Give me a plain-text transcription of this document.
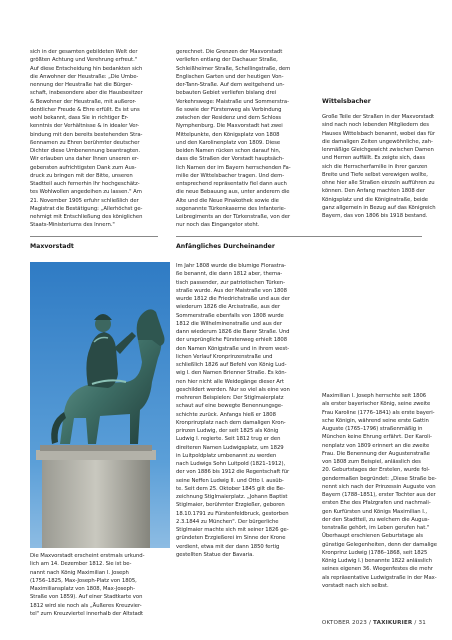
sich in der gesamten gebildeten Welt der
größten Achtung und Verehrung erfreut."
Auf diese Entscheidung hin bedankten sich
die Anwohner der Heustraße: „Die Umbe-
nennung der Heustraße hat die Bürger-
schaft, insbesondere aber die Hausbesitzer
& Bewohner der Heustraße, mit außeror-
dentlicher Freude & Ehre erfüllt. Es ist uns
wohl bekannt, dass Sie in richtiger Er-
kenntnis der Verhältnisse & in idealer Ver-
bindung mit den bereits bestehenden Stra-
ßennamen zu Ehren berühmter deutscher
Dichter diese Umbenennung beantragten.
Wir erlauben uns daher Ihnen unseren er-
gebensten aufrichtigsten Dank zum Aus-
druck zu bringen mit der Bitte, unseren
Stadtteil auch fernerhin Ihr hochgeschätz-
tes Wohlwollen angedeihen zu lassen." Am
21. November 1905 erfuhr schließlich der
Magistrat die Bestätigung: „Allerhöchst ge-
nehmigt mit Entschließung des königlichen
Staats-Ministeriums des Innern."

gerechnet. Die Grenzen der Maxvorstadt
verliefen entlang der Dachauer Straße,
Schleißheimer Straße, Schellingstraße, dem
Englischen Garten und der heutigen Von-
der-Tann-Straße. Auf dem weitgehend un-
bebauten Gebiet verliefen bislang drei
Verkehrswege: Maistraße und Sommerstra-
ße sowie der Fürstenweg als Verbindung
zwischen der Residenz und dem Schloss
Nymphenburg. Die Maxvorstadt hat zwei
Mittelpunkte, den Königsplatz von 1808
und den Karolinenplatz von 1809. Diese
beiden Namen rücken schon darauf hin,
dass die Straßen der Vorstadt hauptsäch-
lich Namen der im Bayern herrschenden Fa-
milie der Wittelsbacher tragen. Und dem-
entsprechend repräsentativ fiel dann auch
die neue Bebauung aus, unter anderem die
Alte und die Neue Pinakothek sowie die
sogenannte Türkenkaserne des Infanterie-
Leibregiments an der Türkenstraße, von der
nur noch das Eingangstor steht.

Wittelsbacher

Große Teile der Straßen in der Maxvorstadt
sind nach noch lebenden Mitgliedern des
Hauses Wittelsbach benannt, wobei das für
die damaligen Zeiten ungewöhnliche, zah-
lenmäßige Gleichgewicht zwischen Damen
und Herren auffällt. Es zeigte sich, dass
sich die Herrscherfamilie in ihrer ganzen
Breite und Tiefe selbst verewigen wollte,
ohne hier alle Straßen einzeln aufführen zu
können. Den Anfang machten 1808 der
Königsplatz und die Königinstraße, beide
ganz allgemein in Bezug auf das Königreich
Bayern, das von 1806 bis 1918 bestand.

Maxvorstadt	Anfängliches Durcheinander

Die Maxvorstadt erscheint erstmals urkund-
lich am 14. Dezember 1812. Sie ist be-
nannt nach König Maximilian I. Joseph
(1756–1825, Max-Joseph-Platz von 1805,
Maximiliansplatz von 1808, Max-Joseph-
Straße von 1859). Auf einer Stadtkarte von
1812 wird sie noch als „Äußeres Kreuzvier-
tel" zum Kreuzviertel innerhalb der Altstadt

Im Jahr 1808 wurde die blumige Florastra-
ße benannt, die dann 1812 aber, thema-
tisch passender, zur patriotischen Türken-
straße wurde. Aus der Maistraße von 1808
wurde 1812 die Friedrichstraße und aus der
wiederum 1826 die Arcisstraße, aus der
Sommerstraße ebenfalls von 1808 wurde
1812 die Wilhelminenstraße und aus der
dann wiederum 1826 die Barer Straße. Und
der ursprüngliche Fürstenweg erhielt 1808
den Namen Königstraße und in ihrem west-
lichen Verlauf Kronprinzenstraße und
schließlich 1826 auf Befehl von König Lud-
wig I. den Namen Brienner Straße. Es kön-
nen hier nicht alle Weidegänge dieser Art
geschildert werden. Nur so viel als eine von
mehreren Beispielen: Der Stiglmaierplatz
schaut auf eine bewegte Benennungsge-
schichte zurück. Anfangs hieß er 1808
Kronprinzplatz nach dem damaligen Kron-
prinzen Ludwig, der seit 1825 als König
Ludwig I. regierte. Seit 1812 trug er den
direiteren Namen Ludwigsplatz, um 1829
in Luitpoldplatz umbenannt zu werden
nach Ludwigs Sohn Luitpold (1821–1912),
der von 1886 bis 1912 die Regentschaft für
seine Neffen Ludwig II. und Otto I. ausüb-
te. Seit dem 25. Oktober 1845 gilt die Be-
zeichnung Stiglmaierplatz. „Johann Baptist
Stiglmaier, berühmter Erzgießer, geboren
18.10.1791 zu Fürstenfeldbruck, gestorben
2.3.1844 zu München". Der bürgerliche
Stiglmaier machte sich mit seiner 1826 ge-
gründeten Erzgießerei im Sinne der Krone
verdient, etwa mit der dann 1850 fertig
gestellten Statue der Bavaria.

Maximilian I. Joseph herrschte seit 1806
als erster bayerischer König, seine zweite
Frau Karoline (1776–1841) als erste bayeri-
sche Königin, während seine erste Gattin
Auguste (1765–1796) straßenmäßig in
München keine Ehrung erfährt. Der Karoli-
nenplatz von 1809 erinnert an die zweite
Frau. Die Benennung der Augustenstraße
von 1808 zum Beispiel, anlässlich des
20. Geburtstages der Erstelen, wurde fol-
gendermaßen begründet: „Diese Straße be-
nennt sich nach der Prinzessin Auguste von
Bayern (1788–1851), erster Tochter aus der
ersten Ehe des Pfalzgrafen und nachmali-
gen Kurfürsten und Königs Maximilian I.,
der den Stadtteil, zu welchem die Augus-
tenstraße gehört, im Leben gerufen hat."
Überhaupt erschienen Geburtstage als
günstige Gelegenheiten, denn der damalige
Kronprinz Ludwig (1786–1868, seit 1825
König Ludwig I.) benannte 1822 anlässlich
seines eigenen 36. Wiegenfestes die mehr
als repräsentative Ludwigstraße in der Max-
vorstadt nach sich selbst.

OKTOBER 2023 / TAXIKURIER / 31
